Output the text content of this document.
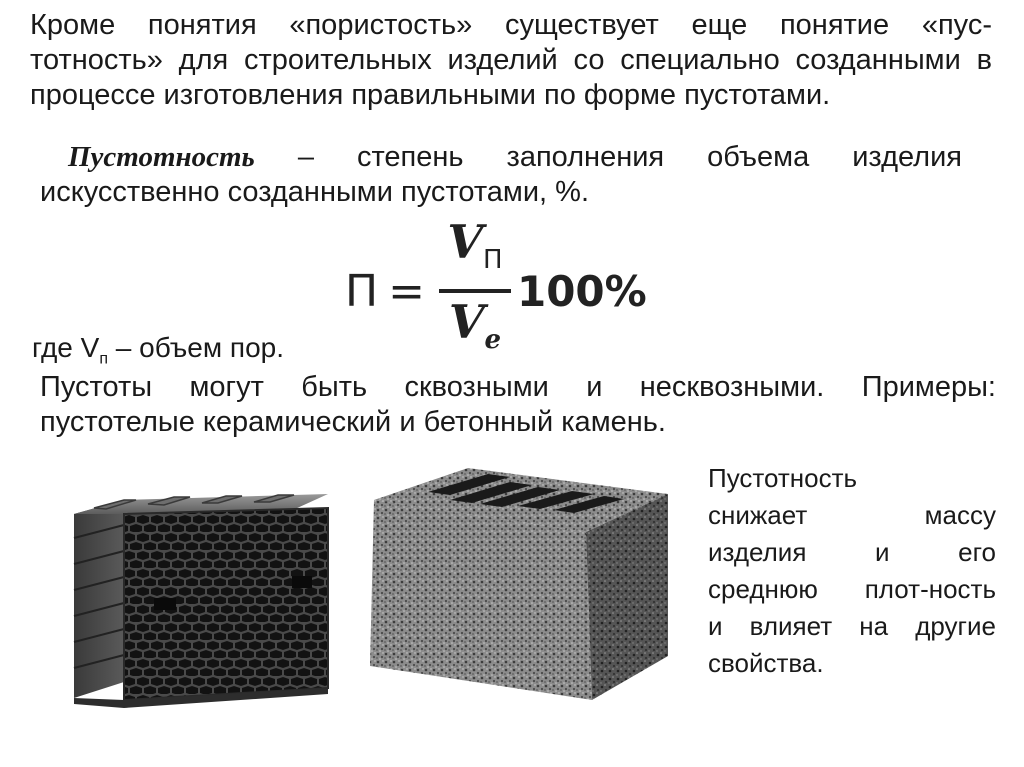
Кроме понятия «пористость» существует еще понятие «пус-
тотность» для строительных изделий со специально созданными в
процессе изготовления правильными по форме пустотами.
Пустотность – степень заполнения объема изделия
искусственно созданными пустотами, %.
$П = \frac{V_П}{V_e} 100\%$
где $V_п$ – объем пор.
Пустоты могут быть сквозными и несквозными. Примеры:
пустотелые керамический и бетонный камень.
Пустотность
снижает массу
изделия и его
среднюю плот-ность
и влияет на другие
свойства.
